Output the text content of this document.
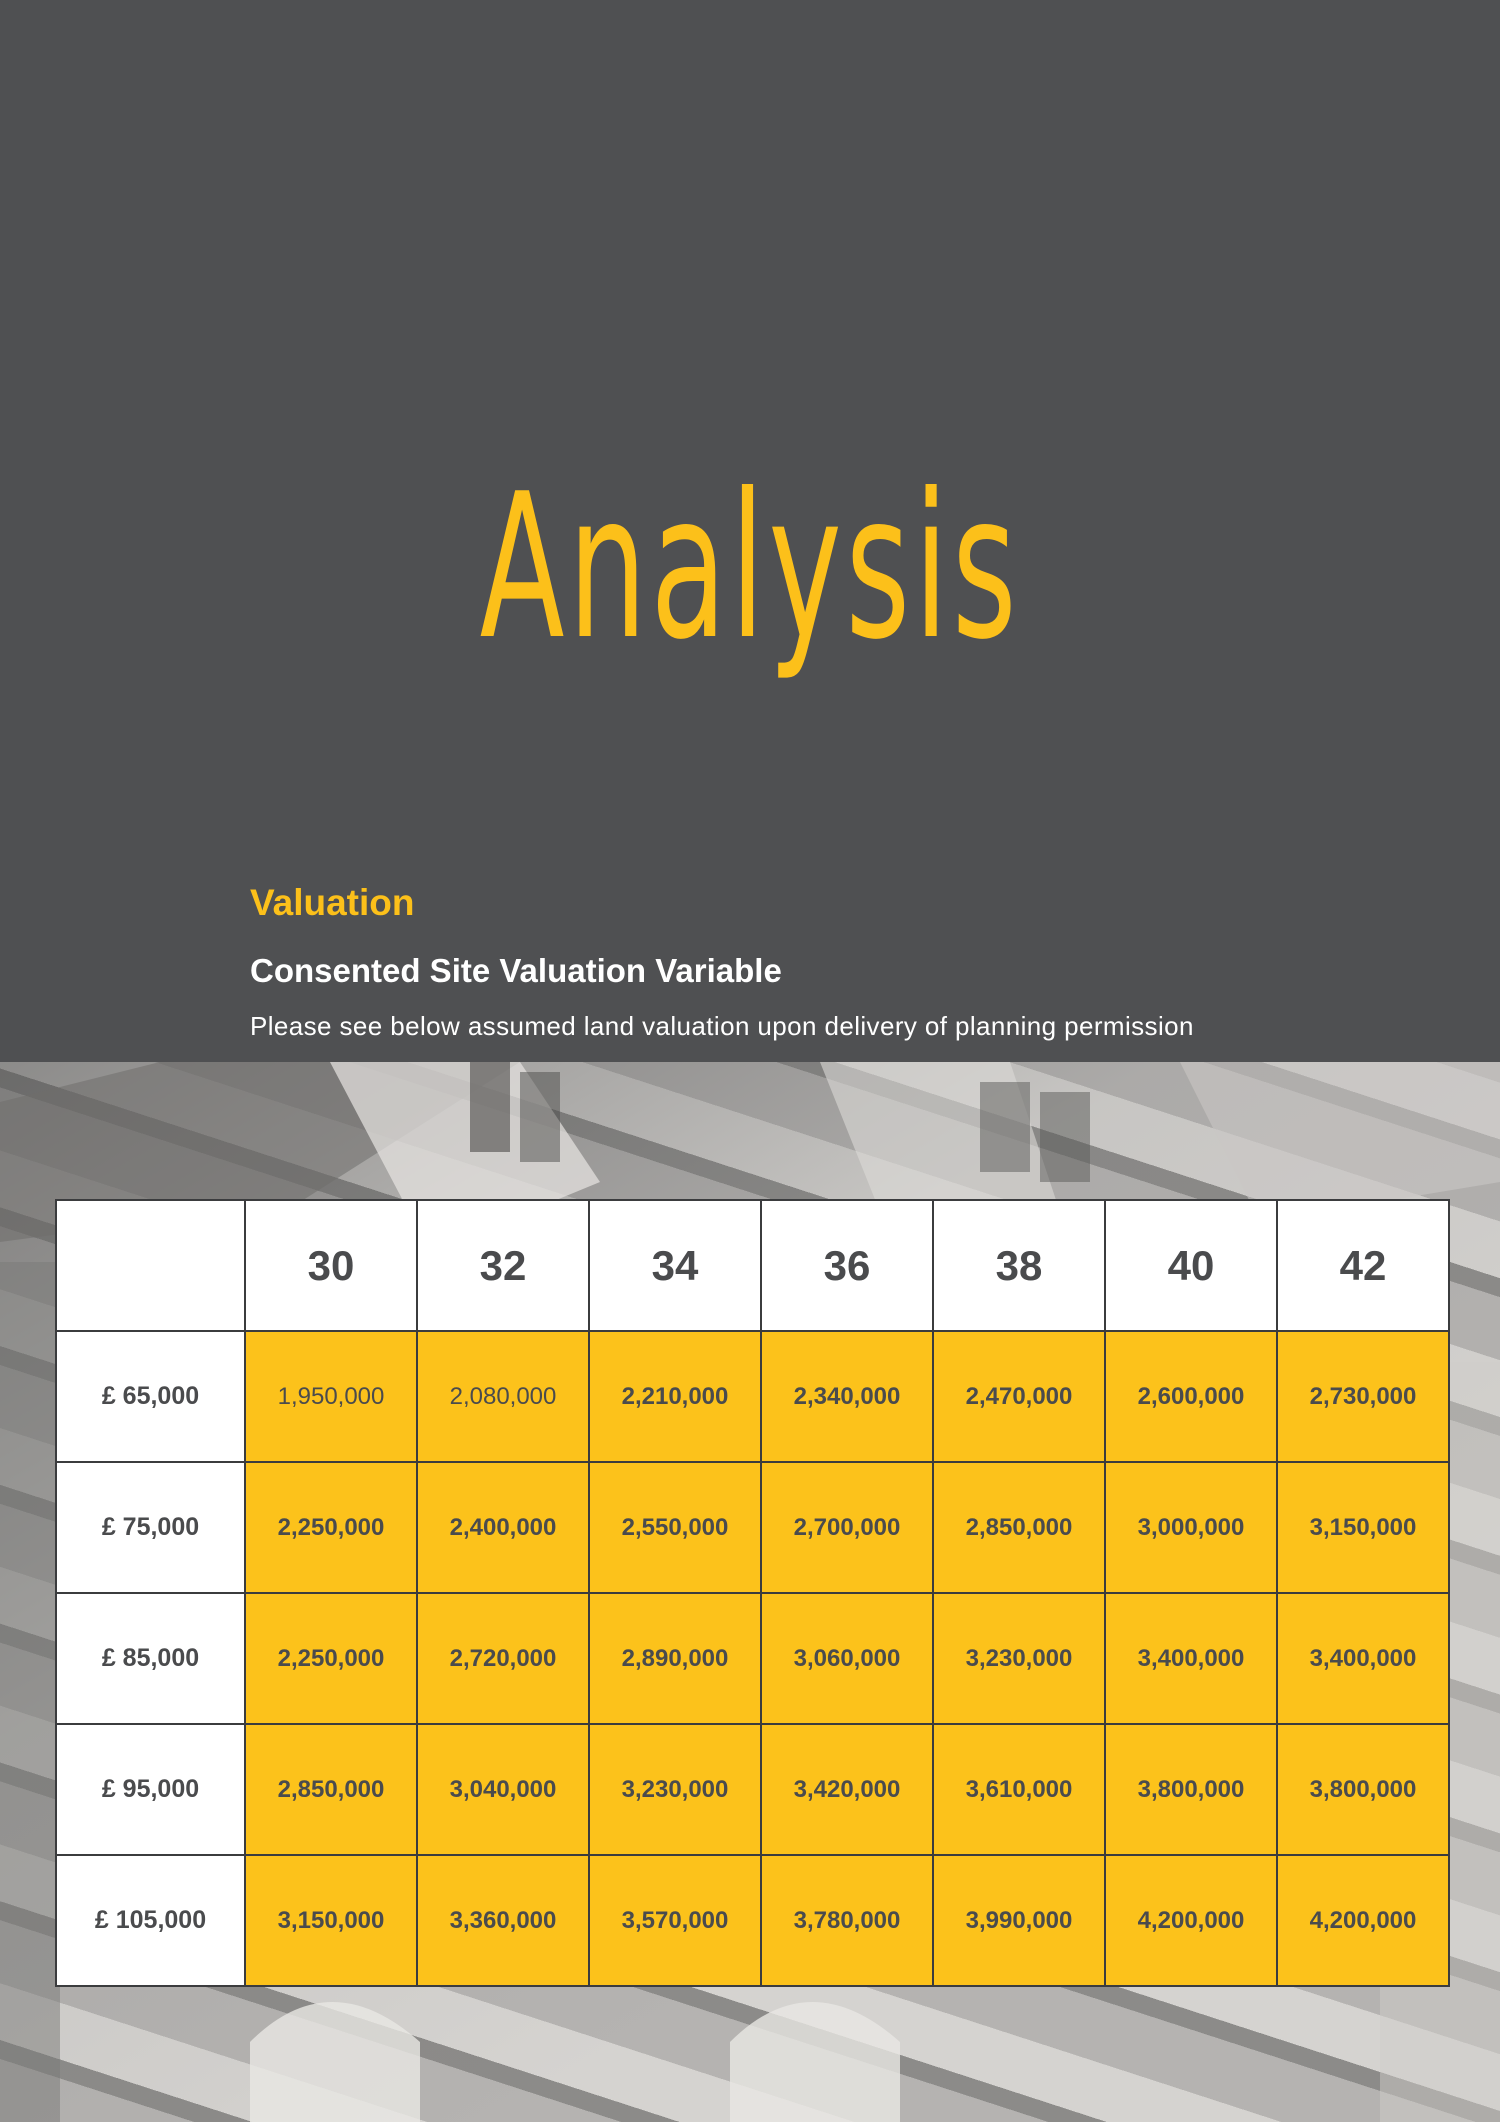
Analysis
Valuation
Consented Site Valuation Variable
Please see below assumed land valuation upon delivery of planning permission
	30	32	34	36	38	40	42
£ 65,000	1,950,000	2,080,000	2,210,000	2,340,000	2,470,000	2,600,000	2,730,000
£ 75,000	2,250,000	2,400,000	2,550,000	2,700,000	2,850,000	3,000,000	3,150,000
£ 85,000	2,250,000	2,720,000	2,890,000	3,060,000	3,230,000	3,400,000	3,400,000
£ 95,000	2,850,000	3,040,000	3,230,000	3,420,000	3,610,000	3,800,000	3,800,000
£ 105,000	3,150,000	3,360,000	3,570,000	3,780,000	3,990,000	4,200,000	4,200,000
